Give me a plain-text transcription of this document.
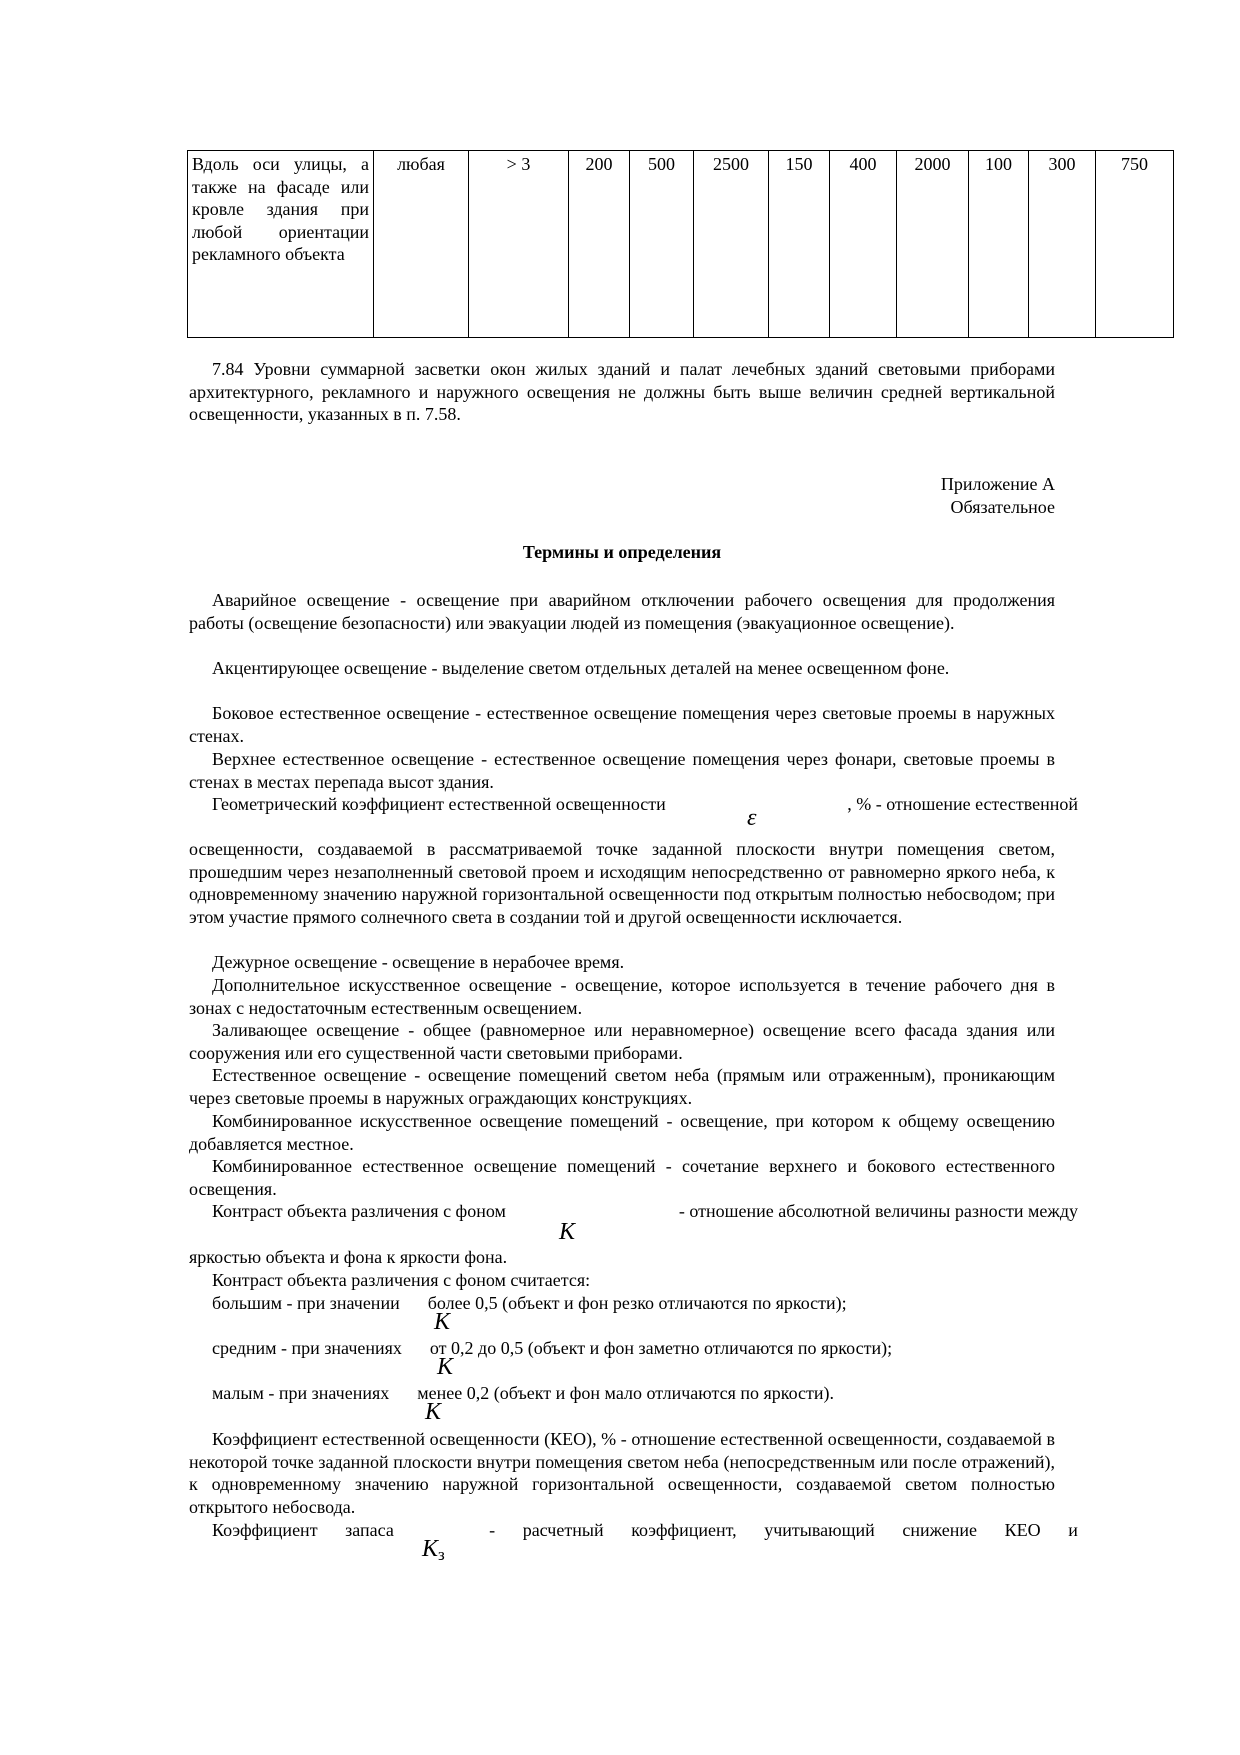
Вдоль оси улицы, а также на фасаде или кровле здания при любой ориентации рекламного объекта	любая	> 3	200	500	2500	150	400	2000	100	300	750
7.84 Уровни суммарной засветки окон жилых зданий и палат лечебных зданий световыми приборами архитектурного, рекламного и наружного освещения не должны быть выше величин средней вертикальной освещенности, указанных в п. 7.58.
Приложение А
Обязательное
Термины и определения
Аварийное освещение - освещение при аварийном отключении рабочего освещения для продолжения работы (освещение безопасности) или эвакуации людей из помещения (эвакуационное освещение).
Акцентирующее освещение - выделение светом отдельных деталей на менее освещенном фоне.
Боковое естественное освещение - естественное освещение помещения через световые проемы в наружных стенах.
Верхнее естественное освещение - естественное освещение помещения через фонари, световые проемы в стенах в местах перепада высот здания.
Геометрический коэффициент естественной освещенности	, % - отношение естественной
ε
освещенности, создаваемой в рассматриваемой точке заданной плоскости внутри помещения светом, прошедшим через незаполненный световой проем и исходящим непосредственно от равномерно яркого неба, к одновременному значению наружной горизонтальной освещенности под открытым полностью небосводом; при этом участие прямого солнечного света в создании той и другой освещенности исключается.
Дежурное освещение - освещение в нерабочее время.
Дополнительное искусственное освещение - освещение, которое используется в течение рабочего дня в зонах с недостаточным естественным освещением.
Заливающее освещение - общее (равномерное или неравномерное) освещение всего фасада здания или сооружения или его существенной части световыми приборами.
Естественное освещение - освещение помещений светом неба (прямым или отраженным), проникающим через световые проемы в наружных ограждающих конструкциях.
Комбинированное искусственное освещение помещений - освещение, при котором к общему освещению добавляется местное.
Комбинированное естественное освещение помещений - сочетание верхнего и бокового естественного освещения.
Контраст объекта различения с фоном	- отношение абсолютной величины разности между
K
яркостью объекта и фона к яркости фона.
Контраст объекта различения с фоном считается:
большим - при значении более 0,5 (объект и фон резко отличаются по яркости);
K
средним - при значениях от 0,2 до 0,5 (объект и фон заметно отличаются по яркости);
K
малым - при значениях менее 0,2 (объект и фон мало отличаются по яркости).
K
Коэффициент естественной освещенности (КЕО), % - отношение естественной освещенности, создаваемой в некоторой точке заданной плоскости внутри помещения светом неба (непосредственным или после отражений), к одновременному значению наружной горизонтальной освещенности, создаваемой светом полностью открытого небосвода.
Коэффициент запаса	- расчетный коэффициент, учитывающий снижение КЕО и
$K_з$
